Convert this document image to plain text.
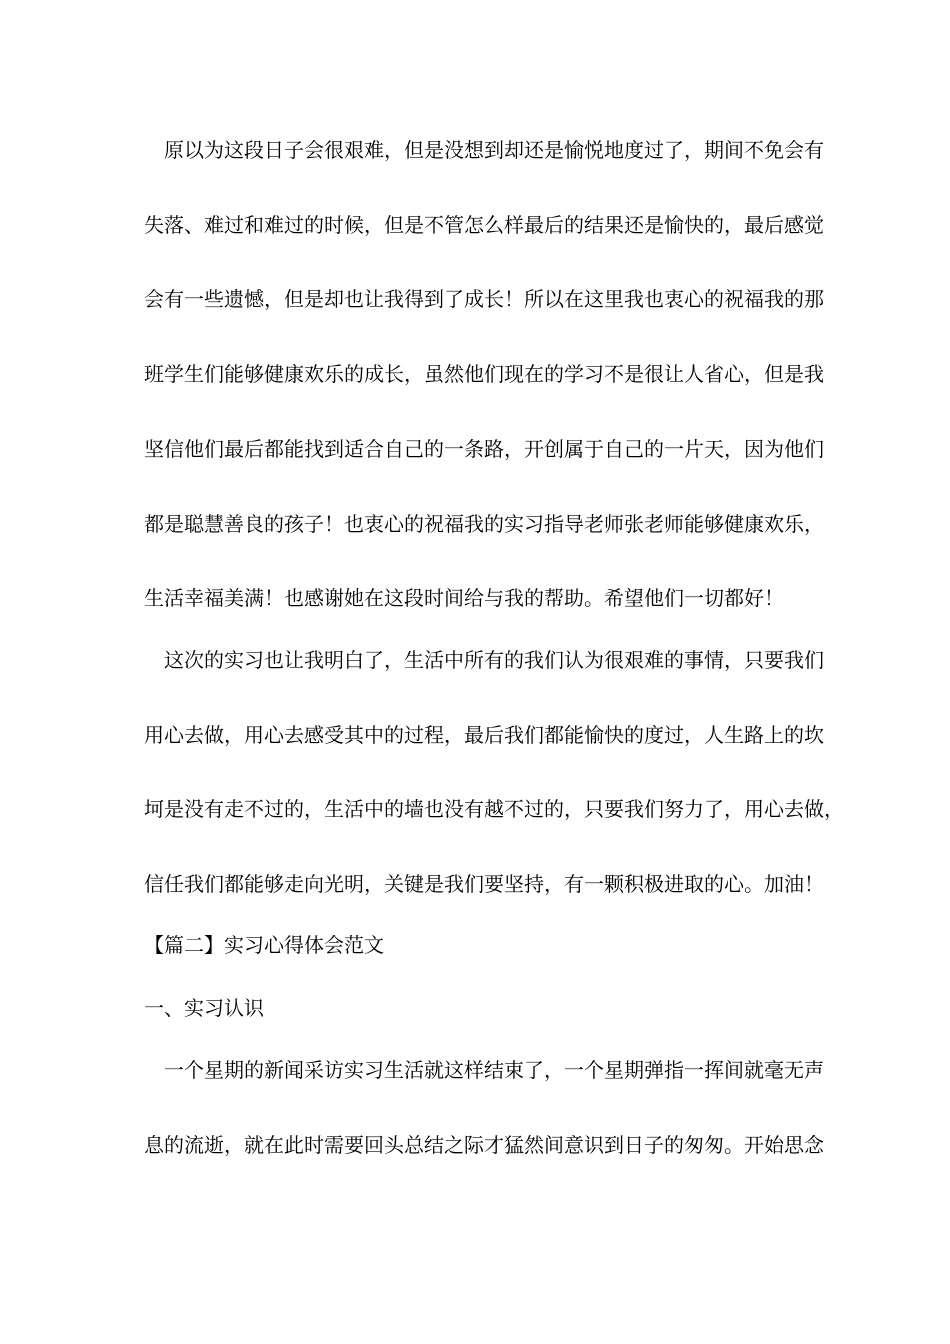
　原以为这段日子会很艰难，但是没想到却还是愉悦地度过了，期间不免会有
失落、难过和难过的时候，但是不管怎么样最后的结果还是愉快的，最后感觉
会有一些遗憾，但是却也让我得到了成长！所以在这里我也衷心的祝福我的那
班学生们能够健康欢乐的成长，虽然他们现在的学习不是很让人省心，但是我
坚信他们最后都能找到适合自己的一条路，开创属于自己的一片天，因为他们
都是聪慧善良的孩子！也衷心的祝福我的实习指导老师张老师能够健康欢乐，
生活幸福美满！也感谢她在这段时间给与我的帮助。希望他们一切都好！
　这次的实习也让我明白了，生活中所有的我们认为很艰难的事情，只要我们
用心去做，用心去感受其中的过程，最后我们都能愉快的度过，人生路上的坎
坷是没有走不过的，生活中的墙也没有越不过的，只要我们努力了，用心去做，
信任我们都能够走向光明，关键是我们要坚持，有一颗积极进取的心。加油！
【篇二】实习心得体会范文
一、实习认识
　一个星期的新闻采访实习生活就这样结束了，一个星期弹指一挥间就毫无声
息的流逝，就在此时需要回头总结之际才猛然间意识到日子的匆匆。开始思念
